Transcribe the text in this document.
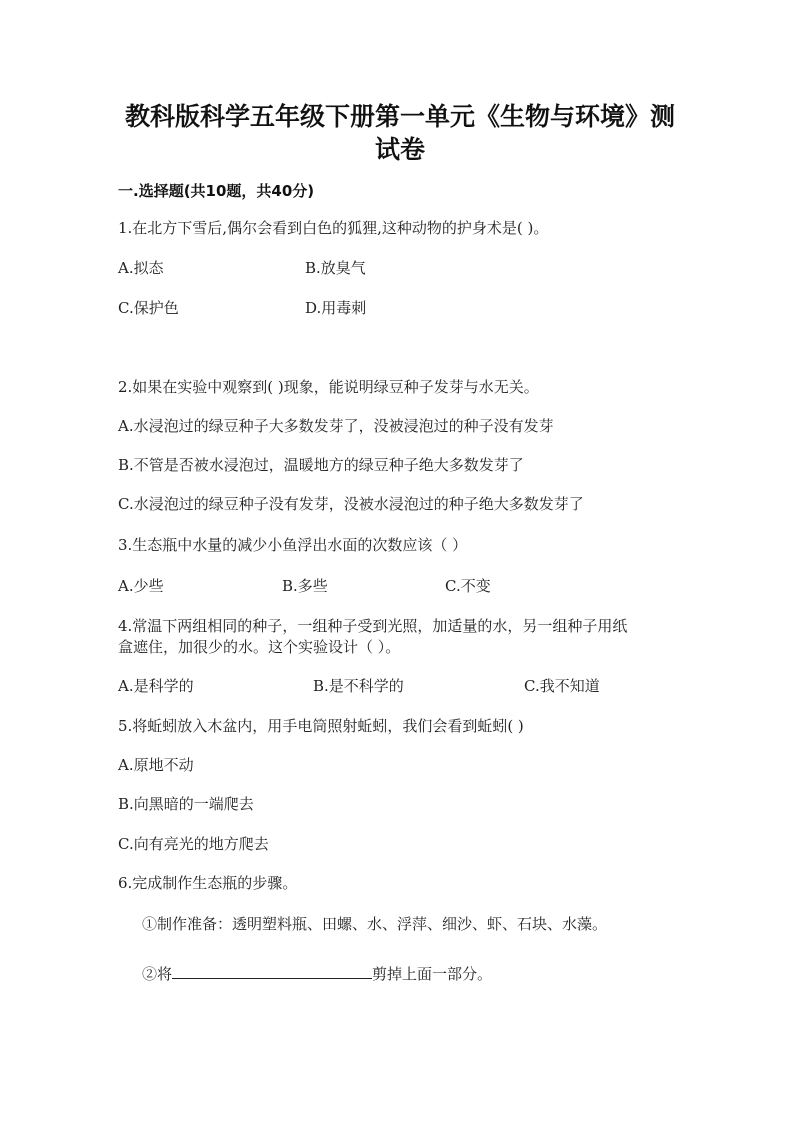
教科版科学五年级下册第一单元《生物与环境》测
试卷
一.选择题(共10题，共40分)
1.在北方下雪后,偶尔会看到白色的狐狸,这种动物的护身术是( )。
A.拟态	B.放臭气
C.保护色	D.用毒刺
2.如果在实验中观察到( )现象，能说明绿豆种子发芽与水无关。
A.水浸泡过的绿豆种子大多数发芽了，没被浸泡过的种子没有发芽
B.不管是否被水浸泡过，温暖地方的绿豆种子绝大多数发芽了
C.水浸泡过的绿豆种子没有发芽，没被水浸泡过的种子绝大多数发芽了
3.生态瓶中水量的减少小鱼浮出水面的次数应该（ ）
A.少些	B.多些	C.不变
4.常温下两组相同的种子，一组种子受到光照，加适量的水，另一组种子用纸
盒遮住，加很少的水。这个实验设计（ ）。
A.是科学的	B.是不科学的	C.我不知道
5.将蚯蚓放入木盆内，用手电筒照射蚯蚓，我们会看到蚯蚓( )
A.原地不动
B.向黑暗的一端爬去
C.向有亮光的地方爬去
6.完成制作生态瓶的步骤。
①制作准备：透明塑料瓶、田螺、水、浮萍、细沙、虾、石块、水藻。
②将	剪掉上面一部分。
